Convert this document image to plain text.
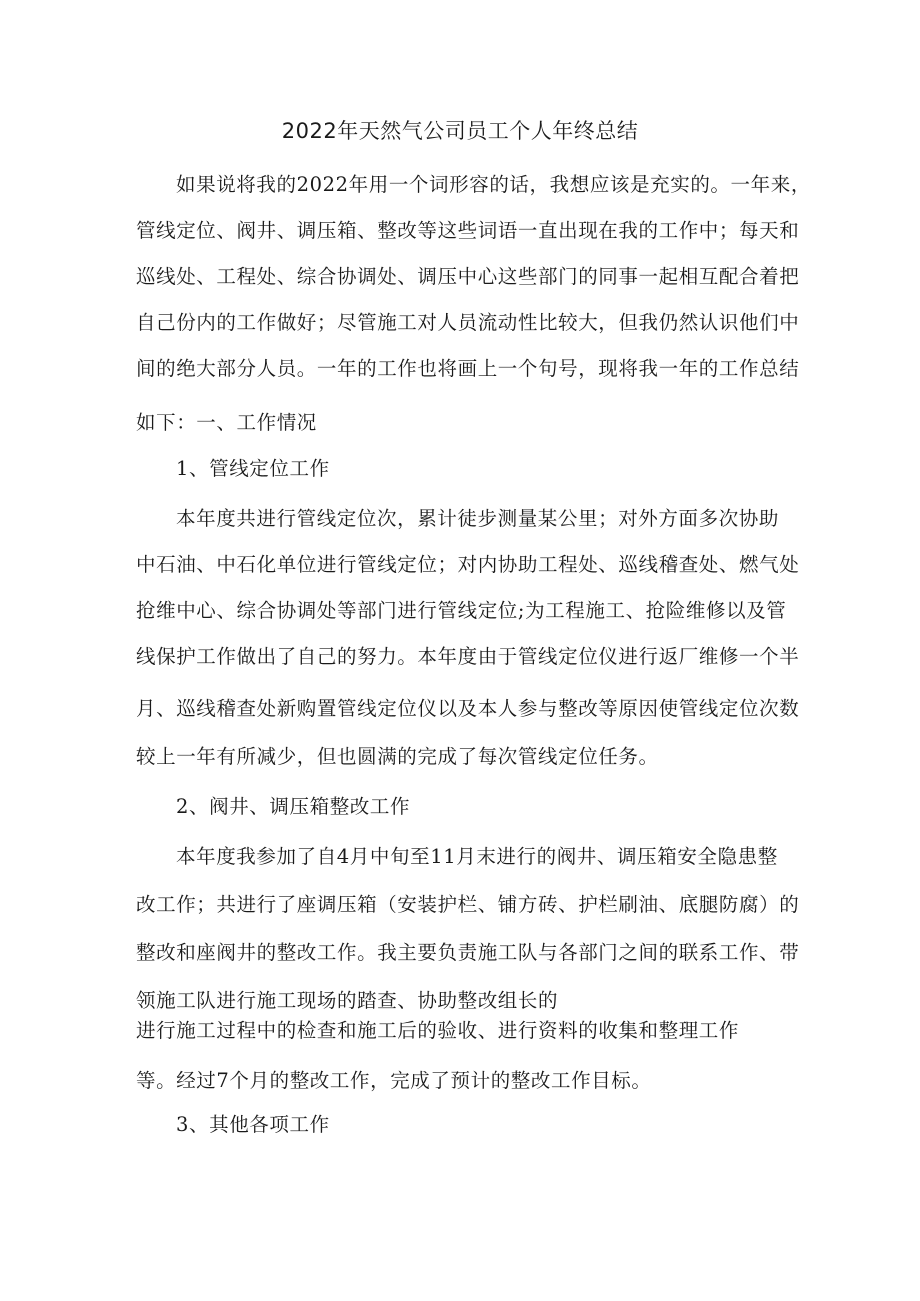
2022年天然气公司员工个人年终总结
如果说将我的2022年用一个词形容的话，我想应该是充实的。一年来，
管线定位、阀井、调压箱、整改等这些词语一直出现在我的工作中；每天和
巡线处、工程处、综合协调处、调压中心这些部门的同事一起相互配合着把
自己份内的工作做好；尽管施工对人员流动性比较大，但我仍然认识他们中
间的绝大部分人员。一年的工作也将画上一个句号，现将我一年的工作总结
如下：一、工作情况
1、管线定位工作
本年度共进行管线定位次，累计徒步测量某公里；对外方面多次协助
中石油、中石化单位进行管线定位；对内协助工程处、巡线稽查处、燃气处
抢维中心、综合协调处等部门进行管线定位;为工程施工、抢险维修以及管
线保护工作做出了自己的努力。本年度由于管线定位仪进行返厂维修一个半
月、巡线稽查处新购置管线定位仪以及本人参与整改等原因使管线定位次数
较上一年有所减少，但也圆满的完成了每次管线定位任务。
2、阀井、调压箱整改工作
本年度我参加了自4月中旬至11月末进行的阀井、调压箱安全隐患整
改工作；共进行了座调压箱（安装护栏、铺方砖、护栏刷油、底腿防腐）的
整改和座阀井的整改工作。我主要负责施工队与各部门之间的联系工作、带
领施工队进行施工现场的踏查、协助整改组长的
进行施工过程中的检查和施工后的验收、进行资料的收集和整理工作
等。经过7个月的整改工作，完成了预计的整改工作目标。
3、其他各项工作
